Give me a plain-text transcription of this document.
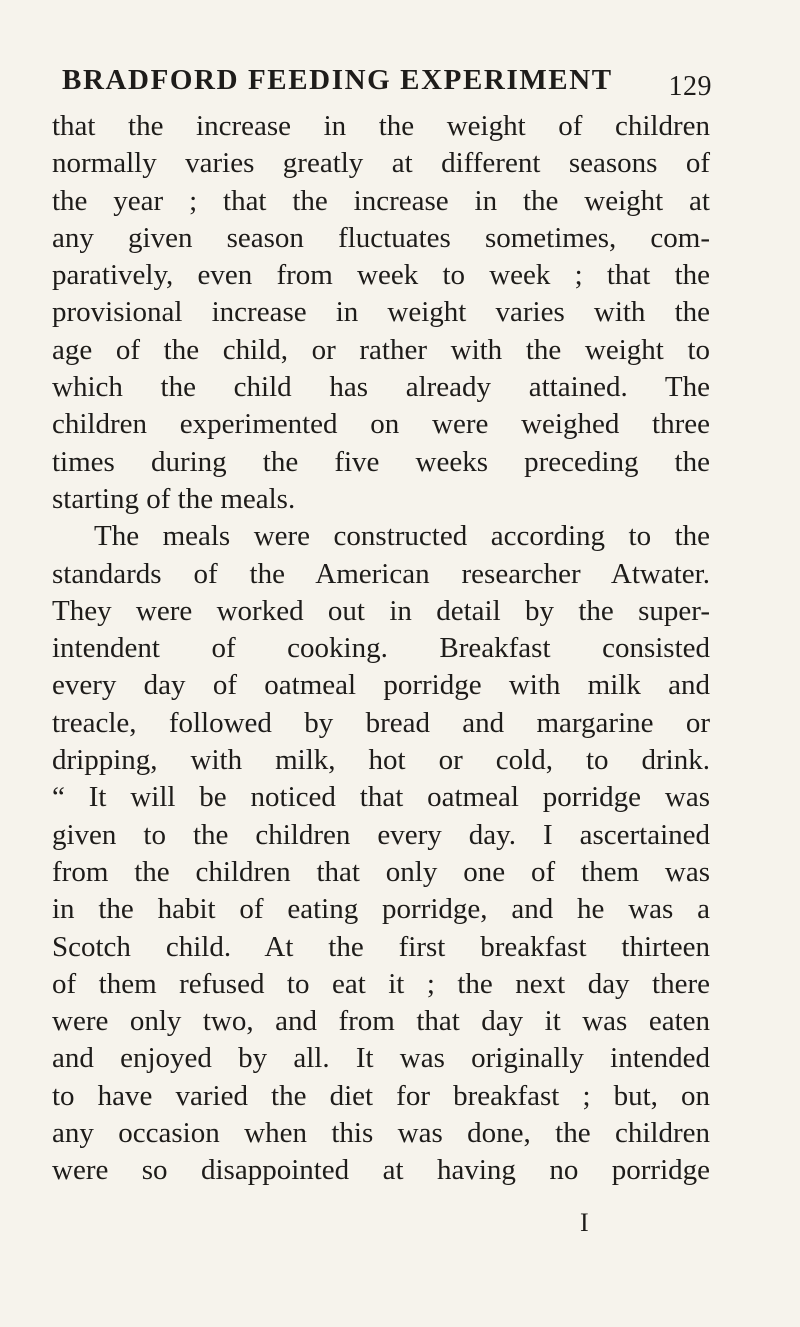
BRADFORD FEEDING EXPERIMENT 129
that the increase in the weight of children
normally varies greatly at different seasons of
the year ; that the increase in the weight at
any given season fluctuates sometimes, com-
paratively, even from week to week ; that the
provisional increase in weight varies with the
age of the child, or rather with the weight to
which the child has already attained. The
children experimented on were weighed three
times during the five weeks preceding the
starting of the meals.
The meals were constructed according to the
standards of the American researcher Atwater.
They were worked out in detail by the super-
intendent of cooking. Breakfast consisted
every day of oatmeal porridge with milk and
treacle, followed by bread and margarine or
dripping, with milk, hot or cold, to drink.
“ It will be noticed that oatmeal porridge was
given to the children every day. I ascertained
from the children that only one of them was
in the habit of eating porridge, and he was a
Scotch child. At the first breakfast thirteen
of them refused to eat it ; the next day there
were only two, and from that day it was eaten
and enjoyed by all. It was originally intended
to have varied the diet for breakfast ; but, on
any occasion when this was done, the children
were so disappointed at having no porridge
I
